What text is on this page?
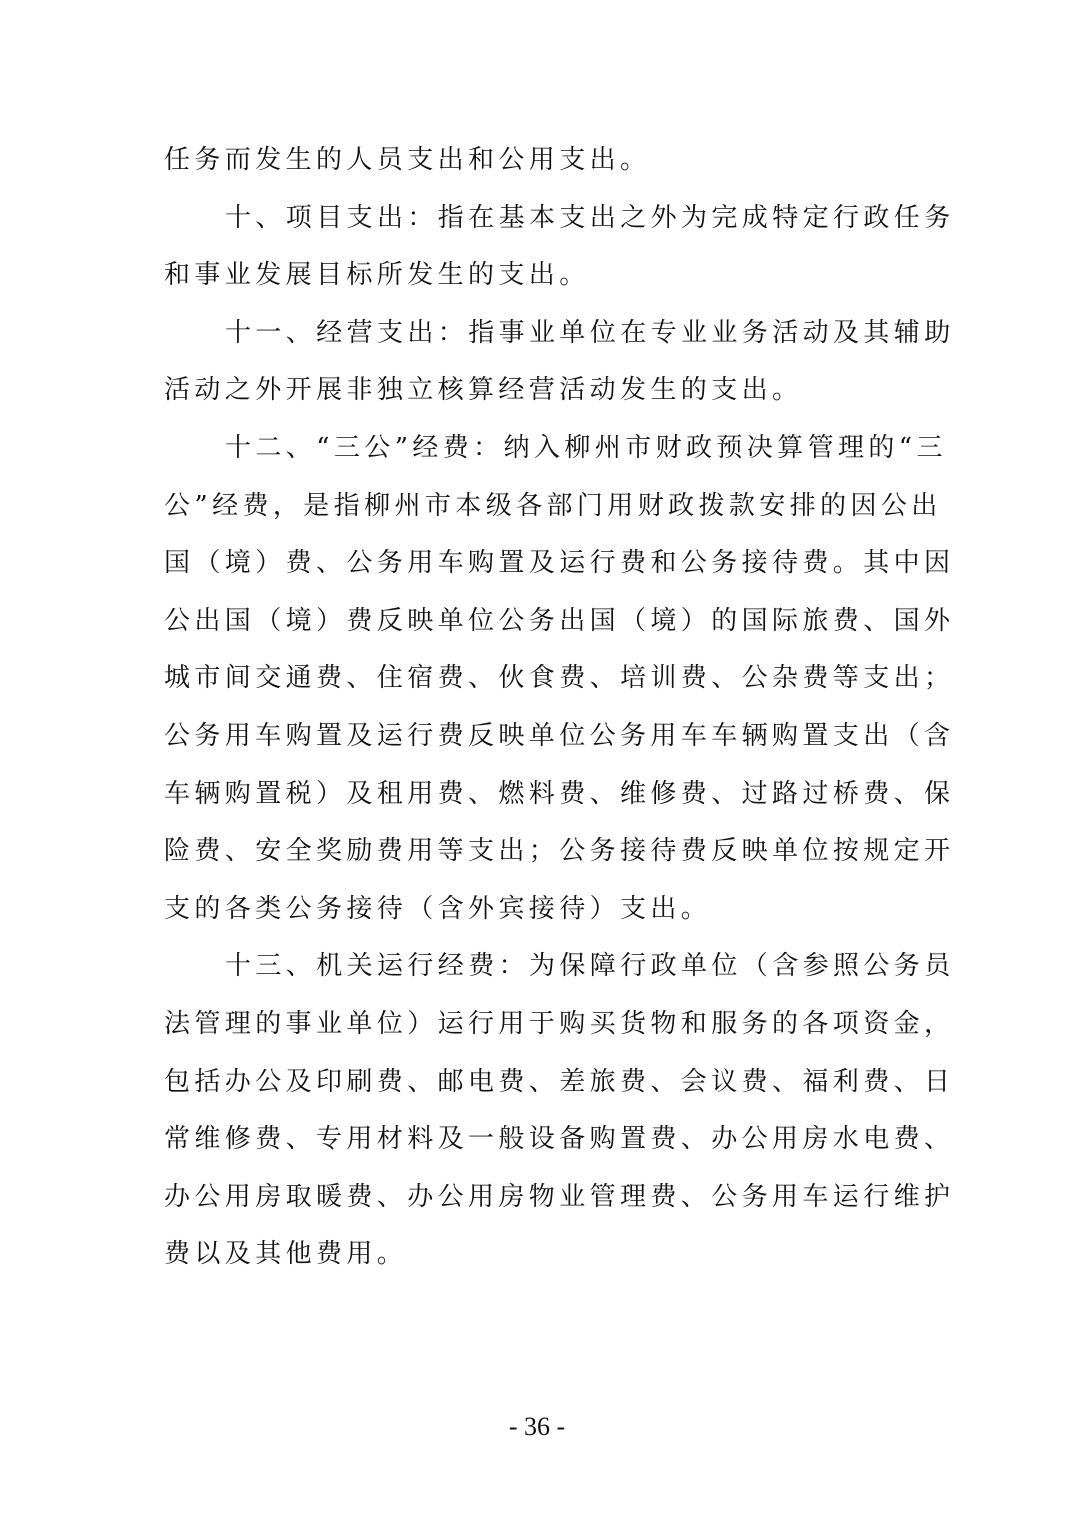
任务而发生的人员支出和公用支出。
十、项目支出：指在基本支出之外为完成特定行政任务
和事业发展目标所发生的支出。
十一、经营支出：指事业单位在专业业务活动及其辅助
活动之外开展非独立核算经营活动发生的支出。
十二、“三公”经费：纳入柳州市财政预决算管理的“三
公”经费，是指柳州市本级各部门用财政拨款安排的因公出
国（境）费、公务用车购置及运行费和公务接待费。其中因
公出国（境）费反映单位公务出国（境）的国际旅费、国外
城市间交通费、住宿费、伙食费、培训费、公杂费等支出；
公务用车购置及运行费反映单位公务用车车辆购置支出（含
车辆购置税）及租用费、燃料费、维修费、过路过桥费、保
险费、安全奖励费用等支出；公务接待费反映单位按规定开
支的各类公务接待（含外宾接待）支出。
十三、机关运行经费：为保障行政单位（含参照公务员
法管理的事业单位）运行用于购买货物和服务的各项资金，
包括办公及印刷费、邮电费、差旅费、会议费、福利费、日
常维修费、专用材料及一般设备购置费、办公用房水电费、
办公用房取暖费、办公用房物业管理费、公务用车运行维护
费以及其他费用。
- 36 -
